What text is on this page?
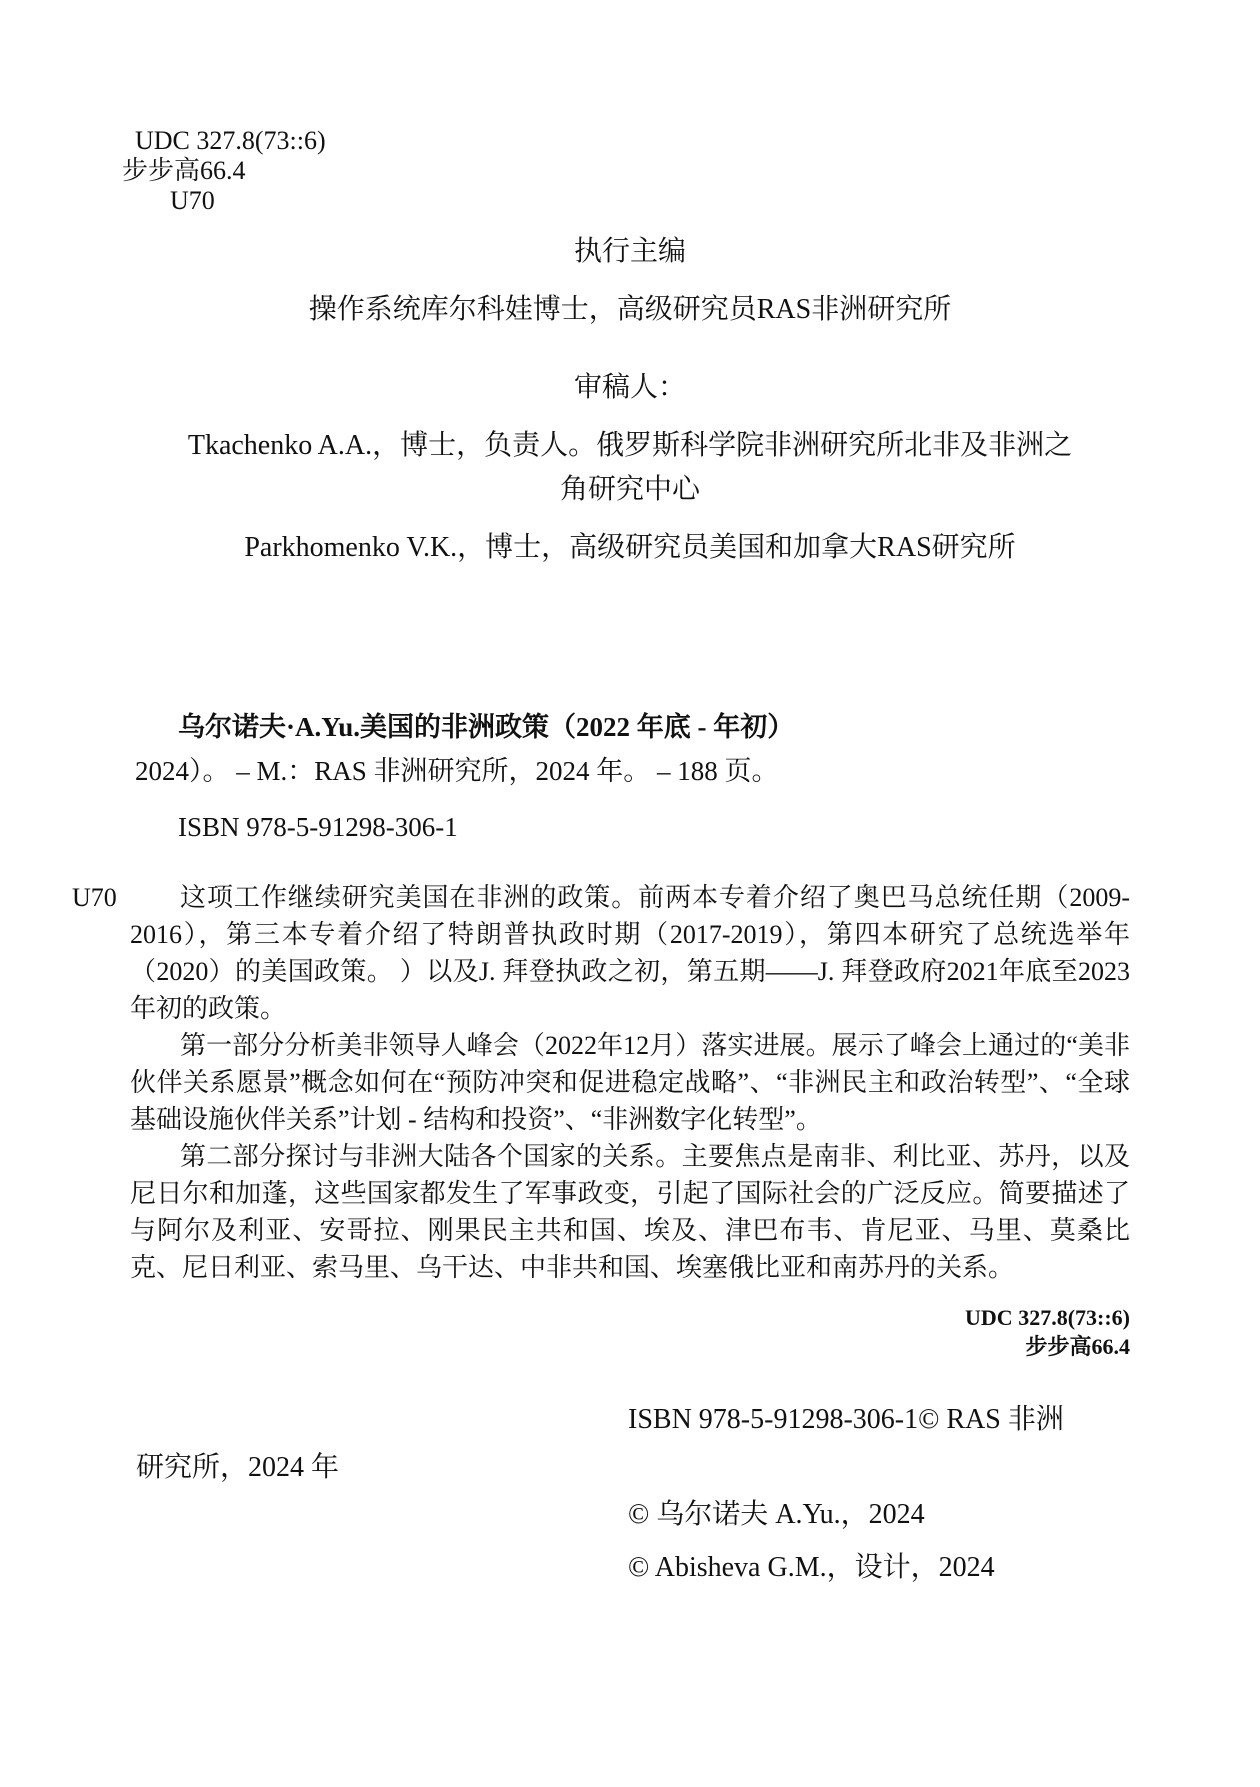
UDC 327.8(73::6)
步步高66.4
U70
执行主编
操作系统库尔科娃博士，高级研究员RAS非洲研究所
审稿人：
Tkachenko A.A.，博士，负责人。俄罗斯科学院非洲研究所北非及非洲之
角研究中心
Parkhomenko V.K.，博士，高级研究员美国和加拿大RAS研究所
乌尔诺夫·A.Yu.美国的非洲政策（2022 年底 - 年初）
2024）。 – M.：RAS 非洲研究所，2024 年。 – 188 页。
ISBN 978-5-91298-306-1
U70	这项工作继续研究美国在非洲的政策。前两本专着介绍了奥巴马总统任期（2009-2016），第三本专着介绍了特朗普执政时期（2017-2019），第四本研究了总统选举年（2020）的美国政策。 ）以及J. 拜登执政之初，第五期——J. 拜登政府2021年底至2023年初的政策。
第一部分分析美非领导人峰会（2022年12月）落实进展。展示了峰会上通过的“美非伙伴关系愿景”概念如何在“预防冲突和促进稳定战略”、“非洲民主和政治转型”、“全球基础设施伙伴关系”计划 - 结构和投资”、“非洲数字化转型”。
第二部分探讨与非洲大陆各个国家的关系。主要焦点是南非、利比亚、苏丹，以及尼日尔和加蓬，这些国家都发生了军事政变，引起了国际社会的广泛反应。简要描述了与阿尔及利亚、安哥拉、刚果民主共和国、埃及、津巴布韦、肯尼亚、马里、莫桑比克、尼日利亚、索马里、乌干达、中非共和国、埃塞俄比亚和南苏丹的关系。
UDC 327.8(73::6)
步步高66.4
ISBN 978-5-91298-306-1© RAS 非洲
研究所，2024 年
© 乌尔诺夫 A.Yu.，2024
© Abisheva G.M.，设计，2024
